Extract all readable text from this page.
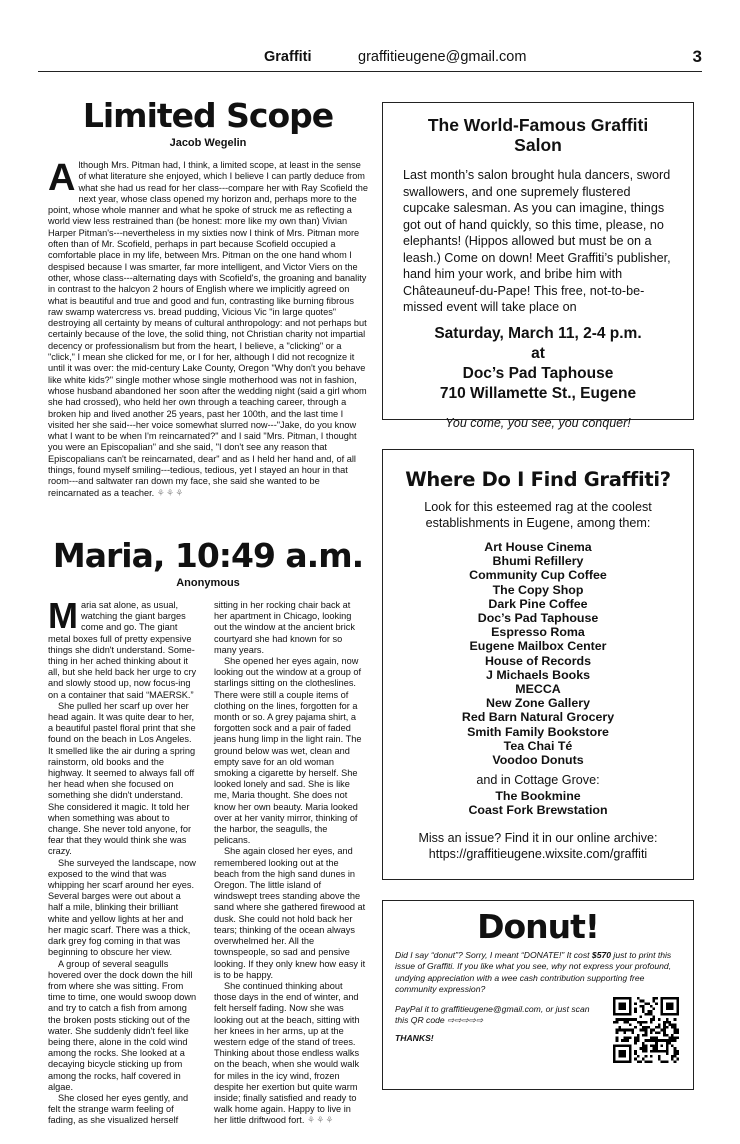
Graffiti	graffitieugene@gmail.com	3
Limited Scope
Jacob Wegelin
Although Mrs. Pitman had, I think, a limited scope, at least in the sense of what literature she enjoyed, which I believe I can partly deduce from what she had us read for her class---compare her with Ray Scofield the next year, whose class opened my horizon and, perhaps more to the point, whose whole manner and what he spoke of struck me as reflecting a world view less restrained than (be honest: more like my own than) Vivian Harper Pitman's---nevertheless in my sixties now I think of Mrs. Pitman more often than of Mr. Scofield, perhaps in part because Scofield occupied a comfortable place in my life, between Mrs. Pitman on the one hand whom I despised because I was smarter, far more intelligent, and Victor Viers on the other, whose class---alternating days with Scofield's, the groaning and banality in contrast to the halcyon 2 hours of English where we implicitly agreed on what is beautiful and true and good and fun, contrasting like burning fibrous raw swamp watercress vs. bread pudding, Vicious Vic "in large quotes" destroying all certainty by means of cultural anthropology: and not perhaps but certainly because of the love, the solid thing, not Christian charity not impartial decency or professionalism but from the heart, I believe, a "clicking" or a "click," I mean she clicked for me, or I for her, although I did not recognize it until it was over: the mid-century Lake County, Oregon "Why don't you behave like white kids?" single mother whose single motherhood was not in fashion, whose husband abandoned her soon after the wedding night (said a girl whom she had crossed), who held her own through a teaching career, through a broken hip and lived another 25 years, past her 100th, and the last time I visited her she said---her voice somewhat slurred now---"Jake, do you know what I want to be when I'm reincarnated?" and I said "Mrs. Pitman, I thought you were an Episcopalian" and she said, "I don't see any reason that Episcopalians can't be reincarnated, dear" and as I held her hand and, of all things, found myself smiling---tedious, tedious, yet I stayed an hour in that room---and saltwater ran down my face, she said she wanted to be reincarnated as a teacher. ⚘⚘⚘
Maria, 10:49 a.m.
Anonymous

Maria sat alone, as usual, watching the giant barges come and go. The giant metal boxes full of pretty expensive things she didn't understand. Some-thing in her ached thinking about it all, but she held back her urge to cry and slowly stood up, now focus-ing on a container that said “MAERSK.”

She pulled her scarf up over her head again. It was quite dear to her, a beautiful pastel floral print that she found on the beach in Los Angeles. It smelled like the air during a spring rainstorm, old books and the highway. It seemed to always fall off her head when she focused on something she didn't understand. She considered it magic. It told her when something was about to change. She never told anyone, for fear that they would think she was crazy.

She surveyed the landscape, now exposed to the wind that was whipping her scarf around her eyes. Several barges were out about a half a mile, blinking their brilliant white and yellow lights at her and her magic scarf. There was a thick, dark grey fog coming in that was beginning to obscure her view.

A group of several seagulls hovered over the dock down the hill from where she was sitting. From time to time, one would swoop down and try to catch a fish from among the broken posts sticking out of the water. She suddenly didn't feel like being there, alone in the cold wind among the rocks. She looked at a decaying bicycle sticking up from among the rocks, half covered in algae.

She closed her eyes gently, and felt the strange warm feeling of fading, as she visualized herself

sitting in her rocking chair back at her apartment in Chicago, looking out the window at the ancient brick courtyard she had known for so many years.

She opened her eyes again, now looking out the window at a group of starlings sitting on the clotheslines. There were still a couple items of clothing on the lines, forgotten for a month or so. A grey pajama shirt, a forgotten sock and a pair of faded jeans hung limp in the light rain. The ground below was wet, clean and empty save for an old woman smoking a cigarette by herself. She looked lonely and sad. She is like me, Maria thought. She does not know her own beauty. Maria looked over at her vanity mirror, thinking of the harbor, the seagulls, the pelicans.

She again closed her eyes, and remembered looking out at the beach from the high sand dunes in Oregon. The little island of windswept trees standing above the sand where she gathered firewood at dusk. She could not hold back her tears; thinking of the ocean always overwhelmed her. All the townspeople, so sad and pensive looking. If they only knew how easy it is to be happy.

She continued thinking about those days in the end of winter, and felt herself fading. Now she was looking out at the beach, sitting with her knees in her arms, up at the western edge of the stand of trees. Thinking about those endless walks on the beach, when she would walk for miles in the icy wind, frozen despite her exertion but quite warm inside; finally satisfied and ready to walk home again. Happy to live in her little driftwood fort. ⚘⚘⚘

The World-Famous Graffiti Salon
Last month’s salon brought hula dancers, sword swallowers, and one supremely flustered cupcake salesman. As you can imagine, things got out of hand quickly, so this time, please, no elephants! (Hippos allowed but must be on a leash.) Come on down! Meet Graffiti’s publisher, hand him your work, and bribe him with Châteauneuf-du-Pape! This free, not-to-be-missed event will take place on
Saturday, March 11, 2-4 p.m.
at
Doc’s Pad Taphouse
710 Willamette St., Eugene
You come, you see, you conquer!
Where Do I Find Graffiti?
Look for this esteemed rag at the coolest establishments in Eugene, among them:
Art House Cinema
Bhumi Refillery
Community Cup Coffee
The Copy Shop
Dark Pine Coffee
Doc’s Pad Taphouse
Espresso Roma
Eugene Mailbox Center
House of Records
J Michaels Books
MECCA
New Zone Gallery
Red Barn Natural Grocery
Smith Family Bookstore
Tea Chai Té
Voodoo Donuts
and in Cottage Grove:
The Bookmine
Coast Fork Brewstation
Miss an issue? Find it in our online archive:
https://graffitieugene.wixsite.com/graffiti
Donut!
Did I say “donut”? Sorry, I meant “DONATE!” It cost $570 just to print this issue of Graffiti. If you like what you see, why not express your profound, undying appreciation with a wee cash contribution supporting free community expression?
PayPal it to graffitieugene@gmail.com, or just scan this QR code ⇨⇨⇨⇨⇨
THANKS!
